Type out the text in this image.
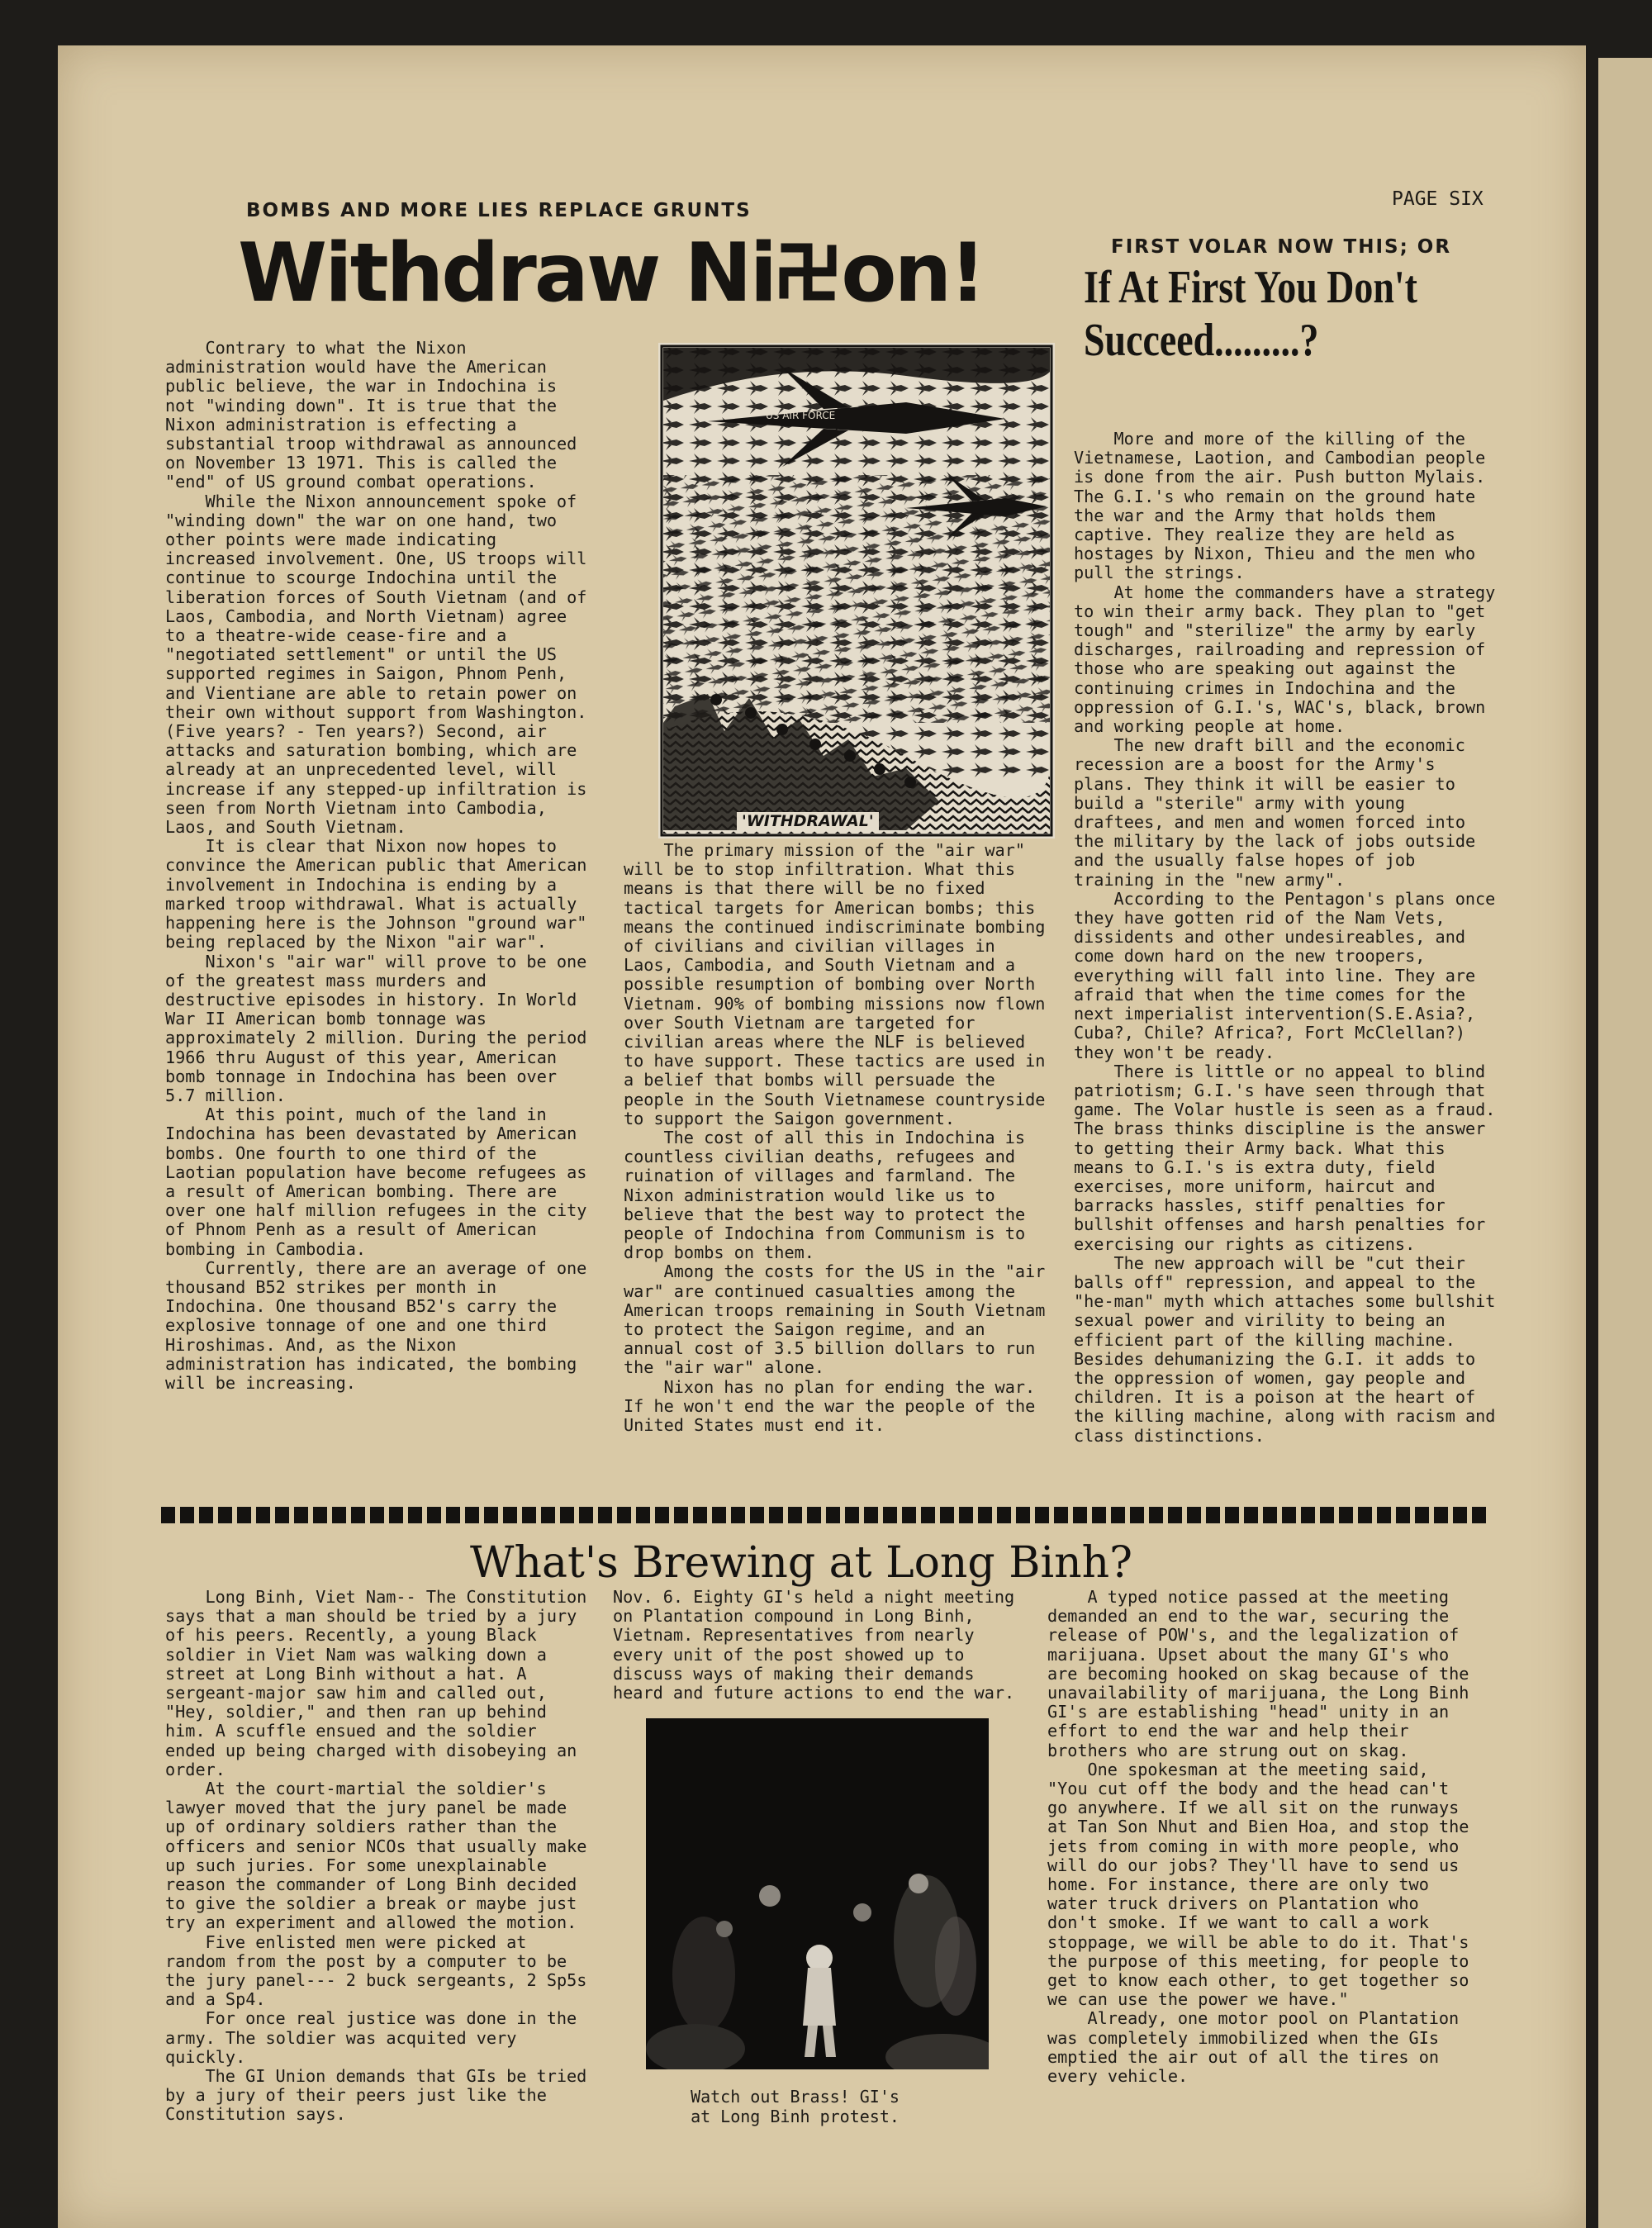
BOMBS AND MORE LIES REPLACE GRUNTS
PAGE SIX
Withdraw Ni on!	FIRST VOLAR NOW THIS; OR
If At First You Don't
Succeed.........?

Contrary to what the Nixon administration would have the American public believe, the war in Indochina is not "winding down". It is true that the Nixon administration is effecting a substantial troop withdrawal as announced on November 13 1971. This is called the "end" of US ground combat operations.

While the Nixon announcement spoke of "winding down" the war on one hand, two other points were made indicating increased involvement. One, US troops will continue to scourge Indochina until the liberation forces of South Vietnam (and of Laos, Cambodia, and North Vietnam) agree to a theatre-wide cease-fire and a "negotiated settlement" or until the US supported regimes in Saigon, Phnom Penh, and Vientiane are able to retain power on their own without support from Washington. (Five years? - Ten years?) Second, air attacks and saturation bombing, which are already at an unprecedented level, will increase if any stepped-up infiltration is seen from North Vietnam into Cambodia, Laos, and South Vietnam.

It is clear that Nixon now hopes to convince the American public that American involvement in Indochina is ending by a marked troop withdrawal. What is actually happening here is the Johnson "ground war" being replaced by the Nixon "air war".

Nixon's "air war" will prove to be one of the greatest mass murders and destructive episodes in history. In World War II American bomb tonnage was approximately 2 million. During the period 1966 thru August of this year, American bomb tonnage in Indochina has been over 5.7 million.

At this point, much of the land in Indochina has been devastated by American bombs. One fourth to one third of the Laotian population have become refugees as a result of American bombing. There are over one half million refugees in the city of Phnom Penh as a result of American bombing in Cambodia.

Currently, there are an average of one thousand B52 strikes per month in Indochina. One thousand B52's carry the explosive tonnage of one and one third Hiroshimas. And, as the Nixon administration has indicated, the bombing will be increasing.

US AIR FORCE
'WITHDRAWAL'

The primary mission of the "air war" will be to stop infiltration. What this means is that there will be no fixed tactical targets for American bombs; this means the continued indiscriminate bombing of civilians and civilian villages in Laos, Cambodia, and South Vietnam and a possible resumption of bombing over North Vietnam. 90% of bombing missions now flown over South Vietnam are targeted for civilian areas where the NLF is believed to have support. These tactics are used in a belief that bombs will persuade the people in the South Vietnamese countryside to support the Saigon government.

The cost of all this in Indochina is countless civilian deaths, refugees and ruination of villages and farmland. The Nixon administration would like us to believe that the best way to protect the people of Indochina from Communism is to drop bombs on them.

Among the costs for the US in the "air war" are continued casualties among the American troops remaining in South Vietnam to protect the Saigon regime, and an annual cost of 3.5 billion dollars to run the "air war" alone.

Nixon has no plan for ending the war. If he won't end the war the people of the United States must end it.

More and more of the killing of the Vietnamese, Laotion, and Cambodian people is done from the air. Push button Mylais. The G.I.'s who remain on the ground hate the war and the Army that holds them captive. They realize they are held as hostages by Nixon, Thieu and the men who pull the strings.

At home the commanders have a strategy to win their army back. They plan to "get tough" and "sterilize" the army by early discharges, railroading and repression of those who are speaking out against the continuing crimes in Indochina and the oppression of G.I.'s, WAC's, black, brown and working people at home.

The new draft bill and the economic recession are a boost for the Army's plans. They think it will be easier to build a "sterile" army with young draftees, and men and women forced into the military by the lack of jobs outside and the usually false hopes of job training in the "new army".

According to the Pentagon's plans once they have gotten rid of the Nam Vets, dissidents and other undesireables, and come down hard on the new troopers, everything will fall into line. They are afraid that when the time comes for the next imperialist intervention(S.E.Asia?, Cuba?, Chile? Africa?, Fort McClellan?) they won't be ready.

There is little or no appeal to blind patriotism; G.I.'s have seen through that game. The Volar hustle is seen as a fraud. The brass thinks discipline is the answer to getting their Army back. What this means to G.I.'s is extra duty, field exercises, more uniform, haircut and barracks hassles, stiff penalties for bullshit offenses and harsh penalties for exercising our rights as citizens.

The new approach will be "cut their balls off" repression, and appeal to the "he-man" myth which attaches some bullshit sexual power and virility to being an efficient part of the killing machine. Besides dehumanizing the G.I. it adds to the oppression of women, gay people and children. It is a poison at the heart of the killing machine, along with racism and class distinctions.

What's Brewing at Long Binh?

Long Binh, Viet Nam-- The Constitution says that a man should be tried by a jury of his peers. Recently, a young Black soldier in Viet Nam was walking down a street at Long Binh without a hat. A sergeant-major saw him and called out, "Hey, soldier," and then ran up behind him. A scuffle ensued and the soldier ended up being charged with disobeying an order.

At the court-martial the soldier's lawyer moved that the jury panel be made up of ordinary soldiers rather than the officers and senior NCOs that usually make up such juries. For some unexplainable reason the commander of Long Binh decided to give the soldier a break or maybe just try an experiment and allowed the motion.

Five enlisted men were picked at random from the post by a computer to be the jury panel--- 2 buck sergeants, 2 Sp5s and a Sp4.

For once real justice was done in the army. The soldier was acquited very quickly.

The GI Union demands that GIs be tried by a jury of their peers just like the Constitution says.

Nov. 6. Eighty GI's held a night meeting on Plantation compound in Long Binh, Vietnam. Representatives from nearly every unit of the post showed up to discuss ways of making their demands heard and future actions to end the war.

Watch out Brass! GI's
at Long Binh protest.

A typed notice passed at the meeting demanded an end to the war, securing the release of POW's, and the legalization of marijuana. Upset about the many GI's who are becoming hooked on skag because of the unavailability of marijuana, the Long Binh GI's are establishing "head" unity in an effort to end the war and help their brothers who are strung out on skag.

One spokesman at the meeting said, "You cut off the body and the head can't go anywhere. If we all sit on the runways at Tan Son Nhut and Bien Hoa, and stop the jets from coming in with more people, who will do our jobs? They'll have to send us home. For instance, there are only two water truck drivers on Plantation who don't smoke. If we want to call a work stoppage, we will be able to do it. That's the purpose of this meeting, for people to get to know each other, to get together so we can use the power we have."

Already, one motor pool on Plantation was completely immobilized when the GIs emptied the air out of all the tires on every vehicle.
